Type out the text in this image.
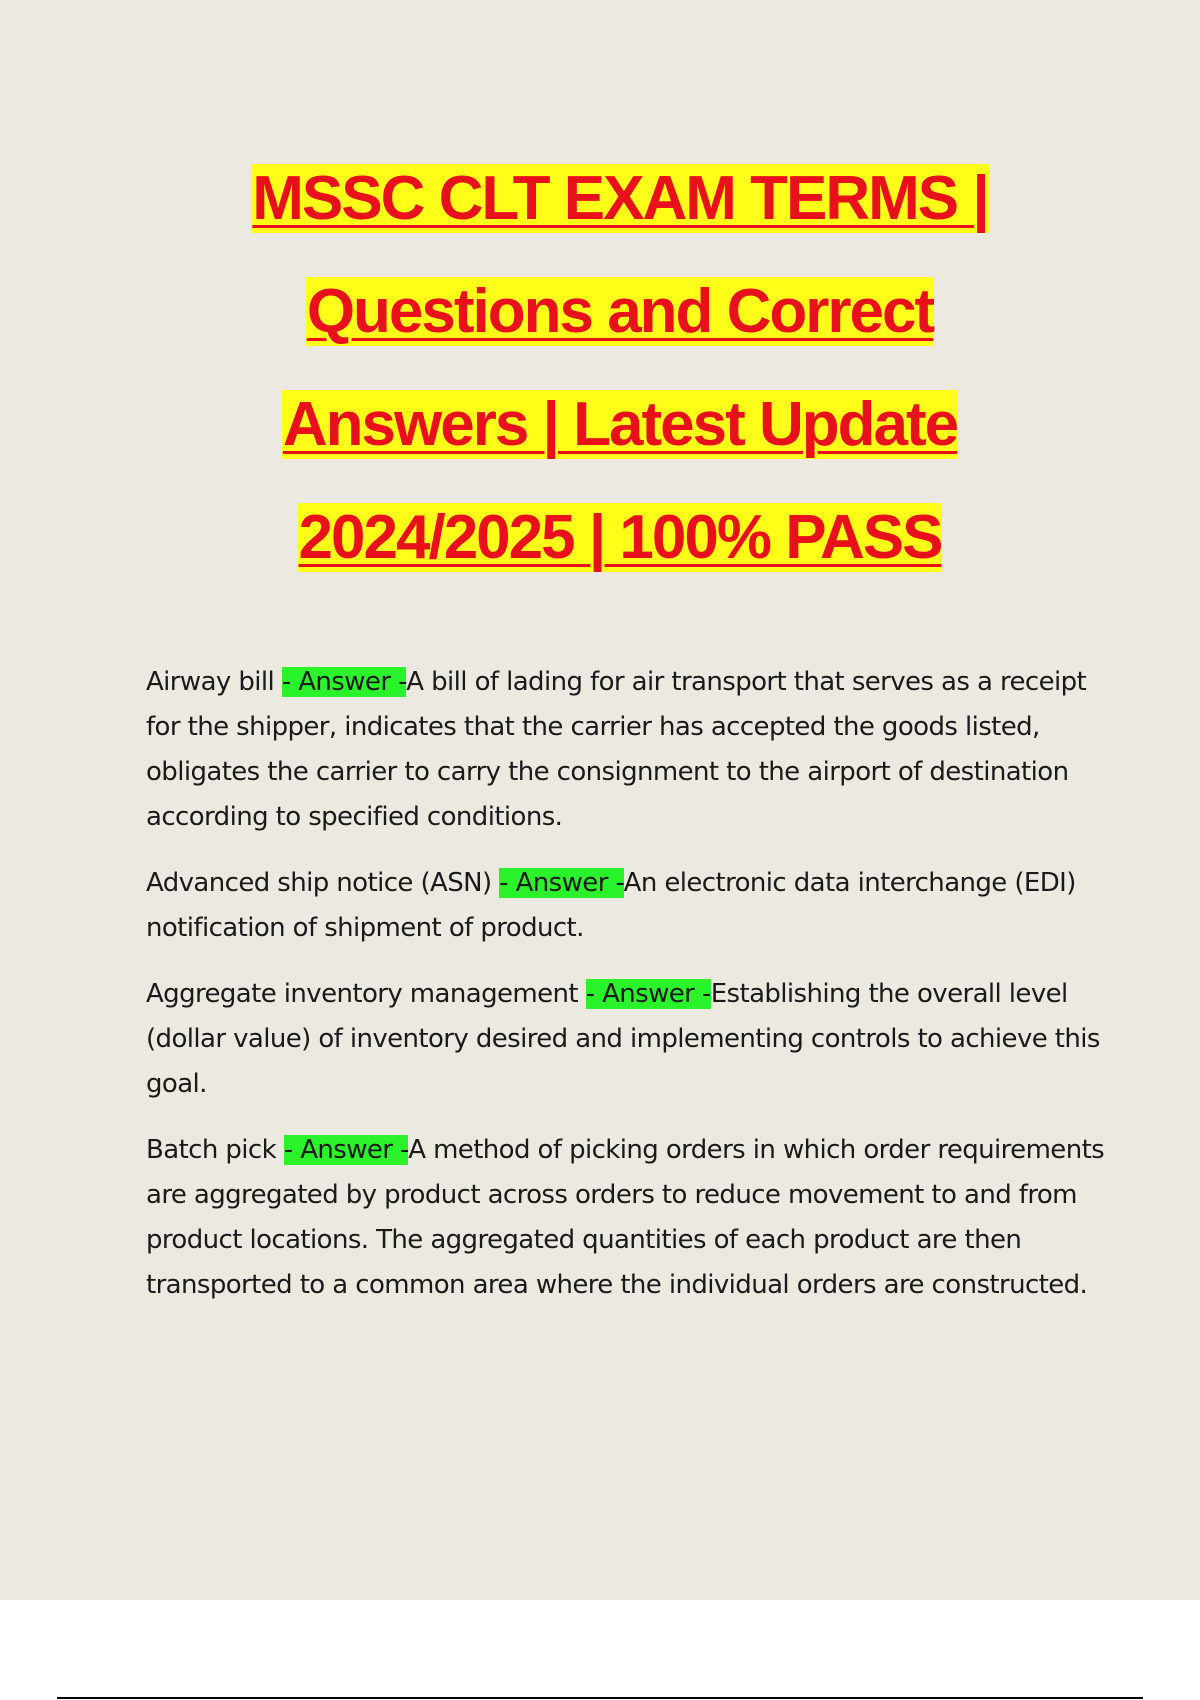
MSSC CLT EXAM TERMS |
Questions and Correct
Answers | Latest Update
2024/2025 | 100% PASS

Airway bill - Answer -A bill of lading for air transport that serves as a receipt for the shipper, indicates that the carrier has accepted the goods listed, obligates the carrier to carry the consignment to the airport of destination according to specified conditions.

Advanced ship notice (ASN) - Answer -An electronic data interchange (EDI) notification of shipment of product.

Aggregate inventory management - Answer -Establishing the overall level (dollar value) of inventory desired and implementing controls to achieve this goal.

Batch pick - Answer -A method of picking orders in which order requirements are aggregated by product across orders to reduce movement to and from product locations. The aggregated quantities of each product are then transported to a common area where the individual orders are constructed.
